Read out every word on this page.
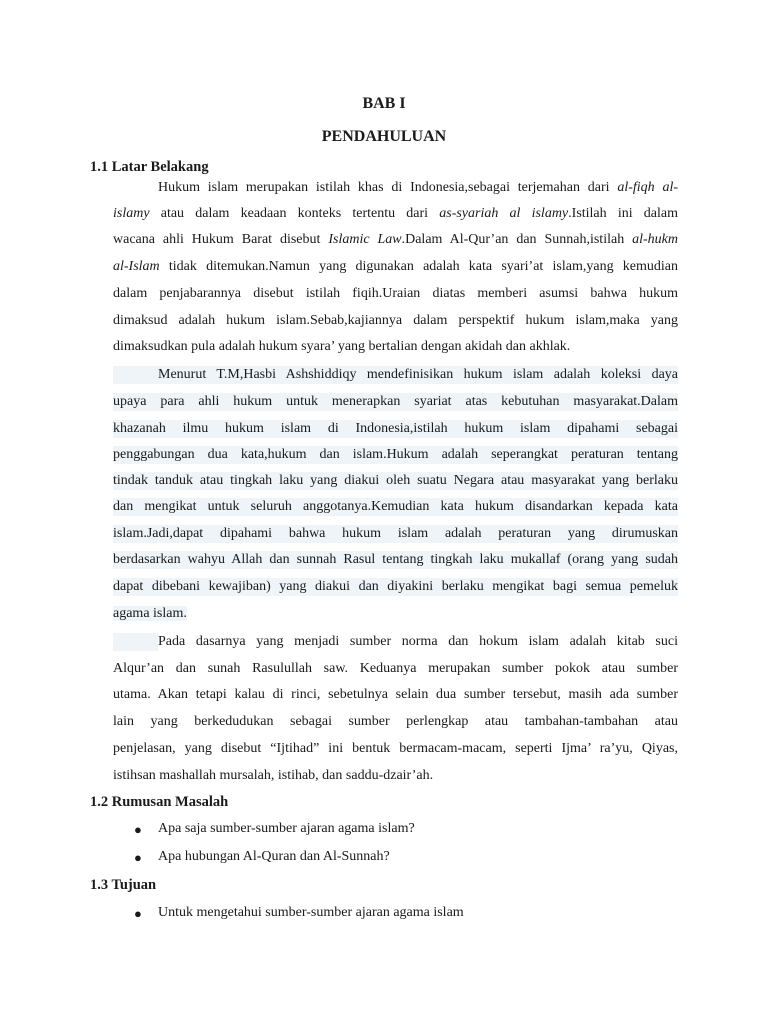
BAB I
PENDAHULUAN
1.1 Latar Belakang
Hukum islam merupakan istilah khas di Indonesia,sebagai terjemahan dari al-fiqh al-
islamy atau dalam keadaan konteks tertentu dari as-syariah al islamy.Istilah ini dalam
wacana ahli Hukum Barat disebut Islamic Law.Dalam Al-Qur’an dan Sunnah,istilah al-hukm
al-Islam tidak ditemukan.Namun yang digunakan adalah kata syari’at islam,yang kemudian
dalam penjabarannya disebut istilah fiqih.Uraian diatas memberi asumsi bahwa hukum
dimaksud adalah hukum islam.Sebab,kajiannya dalam perspektif hukum islam,maka yang
dimaksudkan pula adalah hukum syara’ yang bertalian dengan akidah dan akhlak.
Menurut T.M,Hasbi Ashshiddiqy mendefinisikan hukum islam adalah koleksi daya
upaya para ahli hukum untuk menerapkan syariat atas kebutuhan masyarakat.Dalam
khazanah ilmu hukum islam di Indonesia,istilah hukum islam dipahami sebagai
penggabungan dua kata,hukum dan islam.Hukum adalah seperangkat peraturan tentang
tindak tanduk atau tingkah laku yang diakui oleh suatu Negara atau masyarakat yang berlaku
dan mengikat untuk seluruh anggotanya.Kemudian kata hukum disandarkan kepada kata
islam.Jadi,dapat dipahami bahwa hukum islam adalah peraturan yang dirumuskan
berdasarkan wahyu Allah dan sunnah Rasul tentang tingkah laku mukallaf (orang yang sudah
dapat dibebani kewajiban) yang diakui dan diyakini berlaku mengikat bagi semua pemeluk
agama islam.
Pada dasarnya yang menjadi sumber norma dan hokum islam adalah kitab suci
Alqur’an dan sunah Rasulullah saw. Keduanya merupakan sumber pokok atau sumber
utama. Akan tetapi kalau di rinci, sebetulnya selain dua sumber tersebut, masih ada sumber
lain yang berkedudukan sebagai sumber perlengkap atau tambahan-tambahan atau
penjelasan, yang disebut “Ijtihad” ini bentuk bermacam-macam, seperti Ijma’ ra’yu, Qiyas,
istihsan mashallah mursalah, istihab, dan saddu-dzair’ah.
1.2 Rumusan Masalah
● Apa saja sumber-sumber ajaran agama islam?
● Apa hubungan Al-Quran dan Al-Sunnah?
1.3 Tujuan
● Untuk mengetahui sumber-sumber ajaran agama islam
